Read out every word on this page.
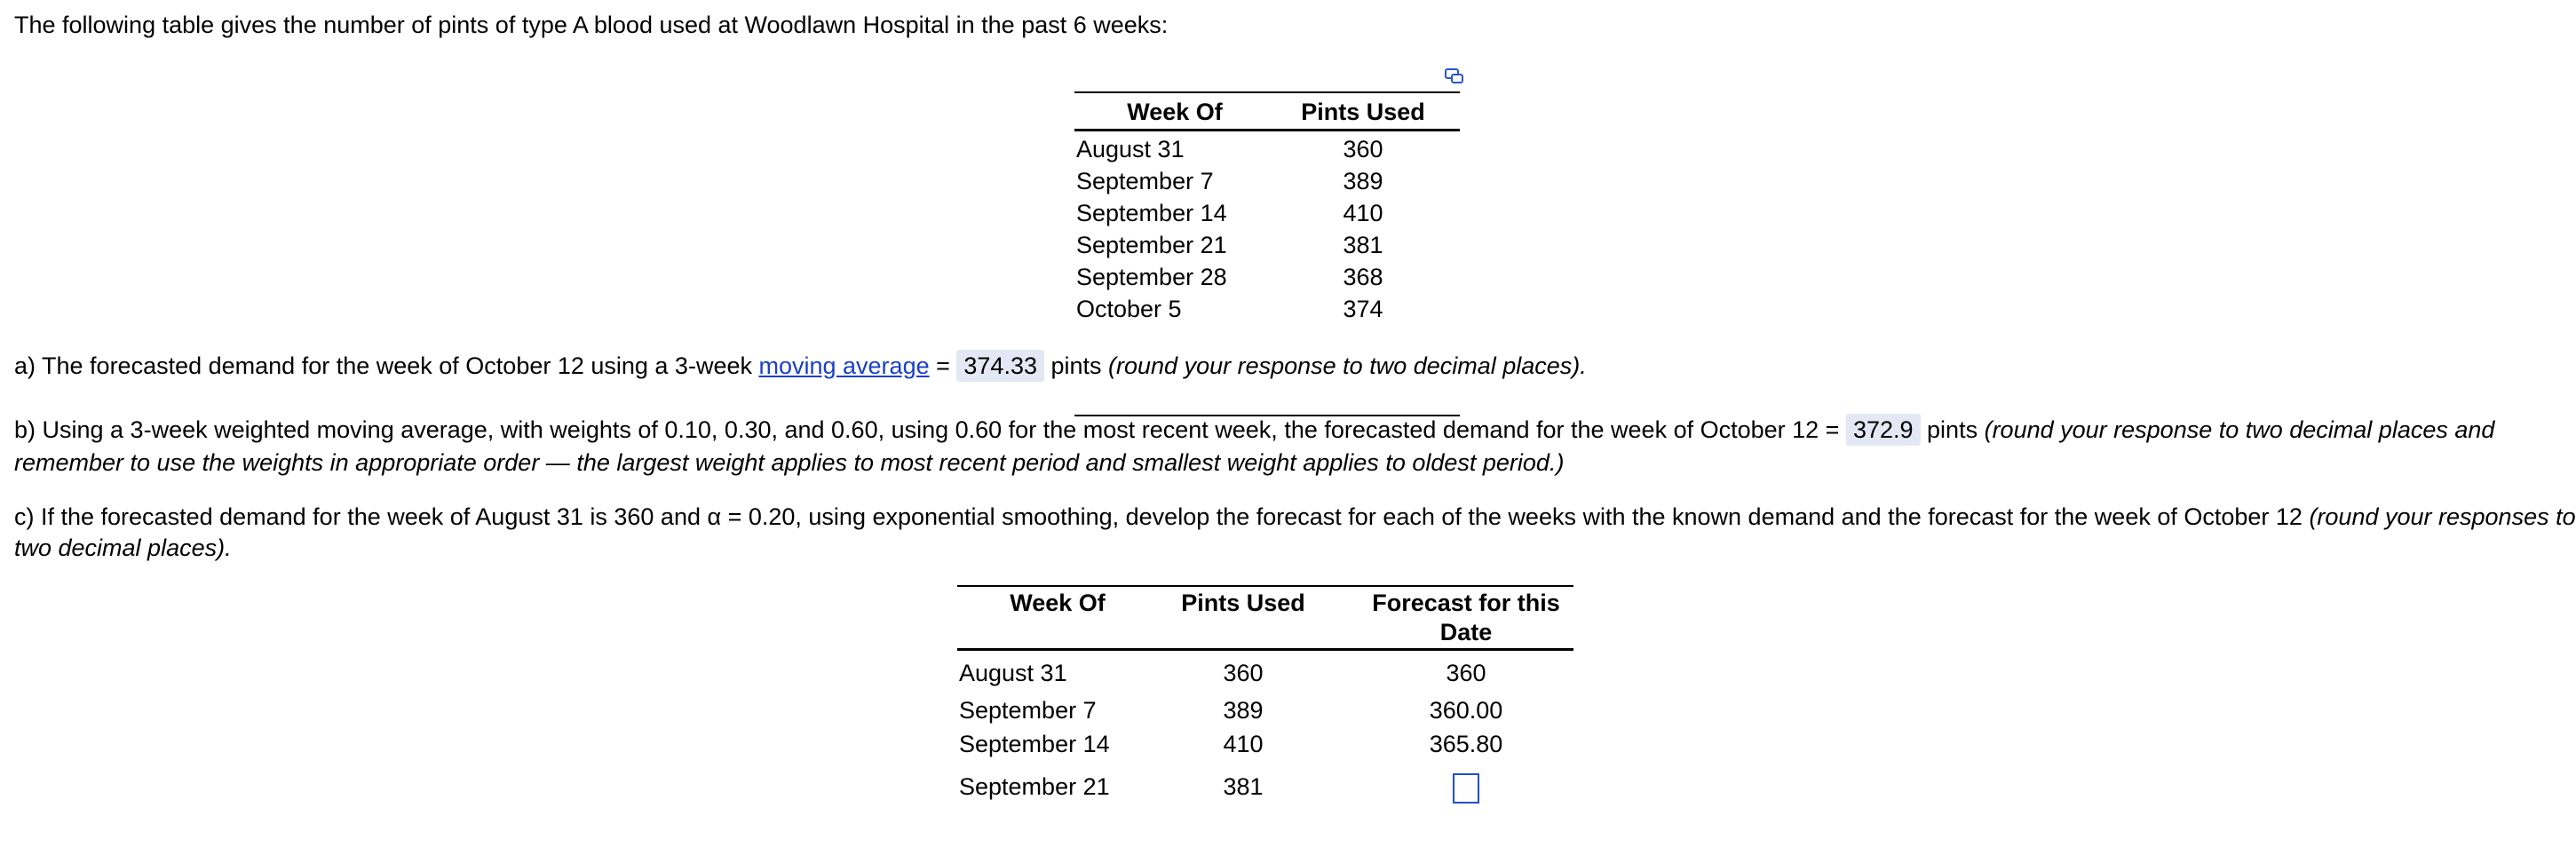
The following table gives the number of pints of type A blood used at Woodlawn Hospital in the past 6 weeks:
Week Of	Pints Used
August 31	360
September 7	389
September 14	410
September 21	381
September 28	368
October 5	374
a) The forecasted demand for the week of October 12 using a 3-week moving average = 374.33 pints (round your response to two decimal places).
b) Using a 3-week weighted moving average, with weights of 0.10, 0.30, and 0.60, using 0.60 for the most recent week, the forecasted demand for the week of October 12 = 372.9 pints (round your response to two decimal places and
remember to use the weights in appropriate order — the largest weight applies to most recent period and smallest weight applies to oldest period.)
c) If the forecasted demand for the week of August 31 is 360 and α = 0.20, using exponential smoothing, develop the forecast for each of the weeks with the known demand and the forecast for the week of October 12 (round your responses to
two decimal places).
Week Of	Pints Used	Forecast for this
Date
August 31	360	360
September 7	389	360.00
September 14	410	365.80
September 21	381
